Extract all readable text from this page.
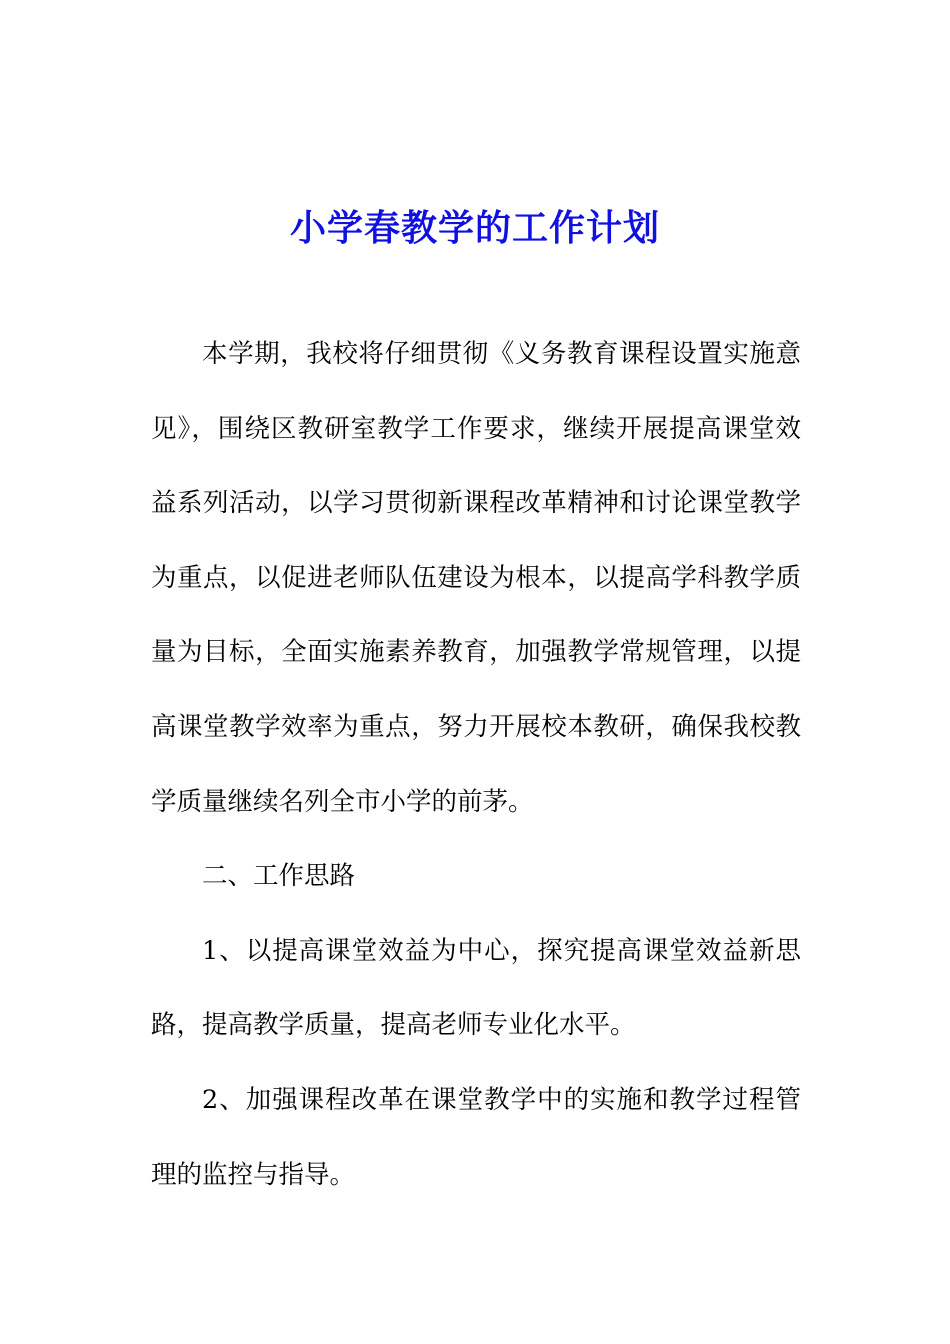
小学春教学的工作计划

本学期，我校将仔细贯彻《义务教育课程设置实施意见》，围绕区教研室教学工作要求，继续开展提高课堂效益系列活动，以学习贯彻新课程改革精神和讨论课堂教学为重点，以促进老师队伍建设为根本，以提高学科教学质量为目标，全面实施素养教育，加强教学常规管理，以提高课堂教学效率为重点，努力开展校本教研，确保我校教学质量继续名列全市小学的前茅。

二、工作思路

1、以提高课堂效益为中心，探究提高课堂效益新思路，提高教学质量，提高老师专业化水平。

2、加强课程改革在课堂教学中的实施和教学过程管理的监控与指导。
